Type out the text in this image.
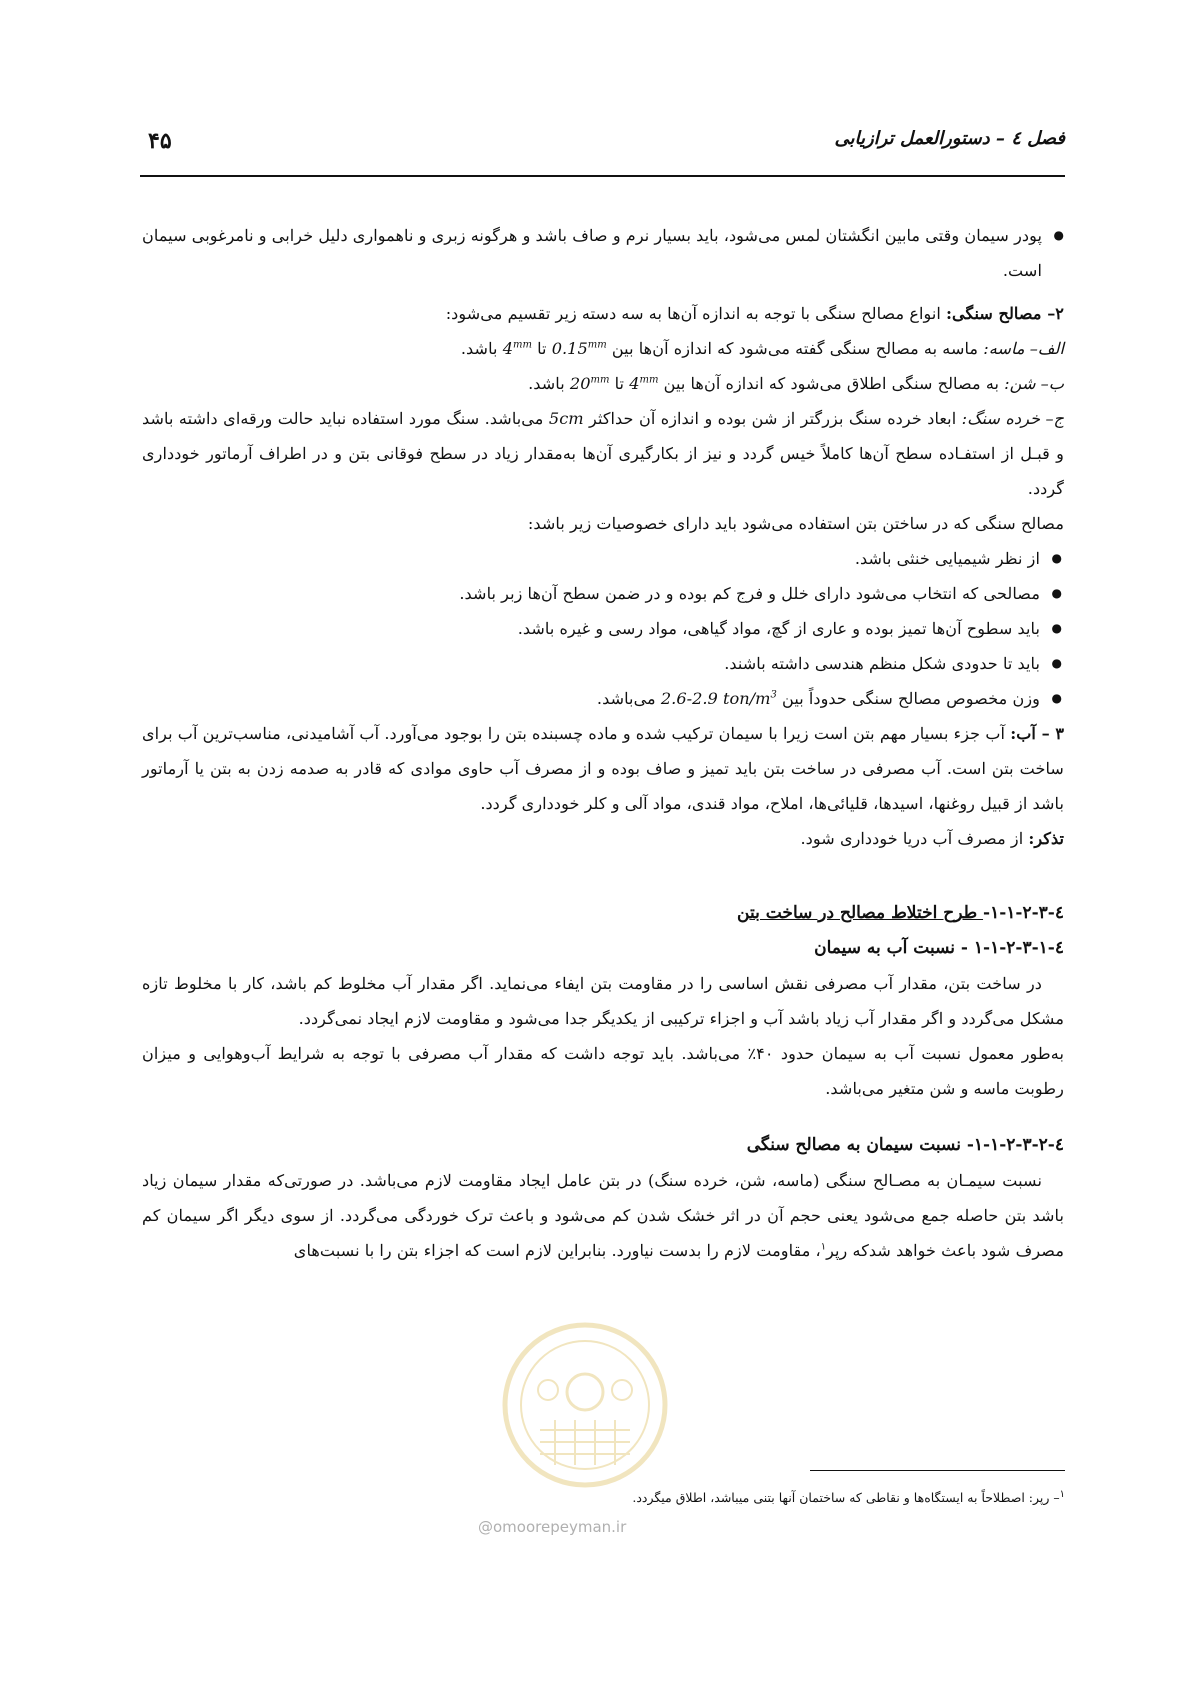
فصل ٤ – دستورالعمل ترازیابی
۴۵

● پودر سیمان وقتی مابین انگشتان لمس می‌شود، باید بسیار نرم و صاف باشد و هرگونه زبری و ناهمواری دلیل خرابی و نامرغوبی سیمان است.

۲– مصالح سنگی: انواع مصالح سنگی با توجه به اندازه آن‌ها به سه دسته زیر تقسیم می‌شود:

الف– ماسه: ماسه به مصالح سنگی گفته می‌شود که اندازه آن‌ها بین $0.15^{mm}$ تا $4^{mm}$ باشد.

ب– شن: به مصالح سنگی اطلاق می‌شود که اندازه آن‌ها بین $4^{mm}$ تا $20^{mm}$ باشد.

ج– خرده سنگ: ابعاد خرده سنگ بزرگتر از شن بوده و اندازه آن حداکثر 5cm می‌باشد. سنگ مورد استفاده نباید حالت ورقه‌ای داشته باشد و قبـل از استفـاده سطح آن‌ها کاملاً خیس گردد و نیز از بکارگیری آن‌ها به‌مقدار زیاد در سطح فوقانی بتن و در اطراف آرماتور خودداری گردد.

مصالح سنگی که در ساختن بتن استفاده می‌شود باید دارای خصوصیات زیر باشد:

● از نظر شیمیایی خنثی باشد.
● مصالحی که انتخاب می‌شود دارای خلل و فرج کم بوده و در ضمن سطح آن‌ها زبر باشد.
● باید سطوح آن‌ها تمیز بوده و عاری از گچ، مواد گیاهی، مواد رسی و غیره باشد.
● باید تا حدودی شکل منظم هندسی داشته باشند.
● وزن مخصوص مصالح سنگی حدوداً بین 2.6-2.9 ton/$m^3$ می‌باشد.

۳ – آب: آب جزء بسیار مهم بتن است زیرا با سیمان ترکیب شده و ماده چسبنده بتن را بوجود می‌آورد. آب آشامیدنی، مناسب‌ترین آب برای ساخت بتن است. آب مصرفی در ساخت بتن باید تمیز و صاف بوده و از مصرف آب حاوی موادی که قادر به صدمه زدن به بتن یا آرماتور باشد از قبیل روغنها، اسیدها، قلیائی‌ها، املاح، مواد قندی، مواد آلی و کلر خودداری گردد.

تذکر: از مصرف آب دریا خودداری شود.

٤-۱-۱-۲-۳- طرح اختلاط مصالح در ساخت بتن

٤-۱-۱-۲-۳-۱ - نسبت آب به سیمان

در ساخت بتن، مقدار آب مصرفی نقش اساسی را در مقاومت بتن ایفاء می‌نماید. اگر مقدار آب مخلوط کم باشد، کار با مخلوط تازه مشکل می‌گردد و اگر مقدار آب زیاد باشد آب و اجزاء ترکیبی از یکدیگر جدا می‌شود و مقاومت لازم ایجاد نمی‌گردد.

به‌طور معمول نسبت آب به سیمان حدود ۴۰٪ می‌باشد. باید توجه داشت که مقدار آب مصرفی با توجه به شرایط آب‌وهوایی و میزان رطوبت ماسه و شن متغیر می‌باشد.

٤-۱-۱-۲-۳-۲- نسبت سیمان به مصالح سنگی

نسبت سیمـان به مصـالح سنگی (ماسه، شن، خرده سنگ) در بتن عامل ایجاد مقاومت لازم می‌باشد. در صورتی‌که مقدار سیمان زیاد باشد بتن حاصله جمع می‌شود یعنی حجم آن در اثر خشک شدن کم می‌شود و باعث ترک خوردگی می‌گردد. از سوی دیگر اگر سیمان کم مصرف شود باعث خواهد شدکه رپر$^۱$، مقاومت لازم را بدست نیاورد. بنابراین لازم است که اجزاء بتن را با نسبت‌های

$^۱$– رپر: اصطلاحاً به ایستگاه‌ها و نقاطی که ساختمان آنها بتنی میباشد، اطلاق میگردد.
@omoorepeyman.ir
